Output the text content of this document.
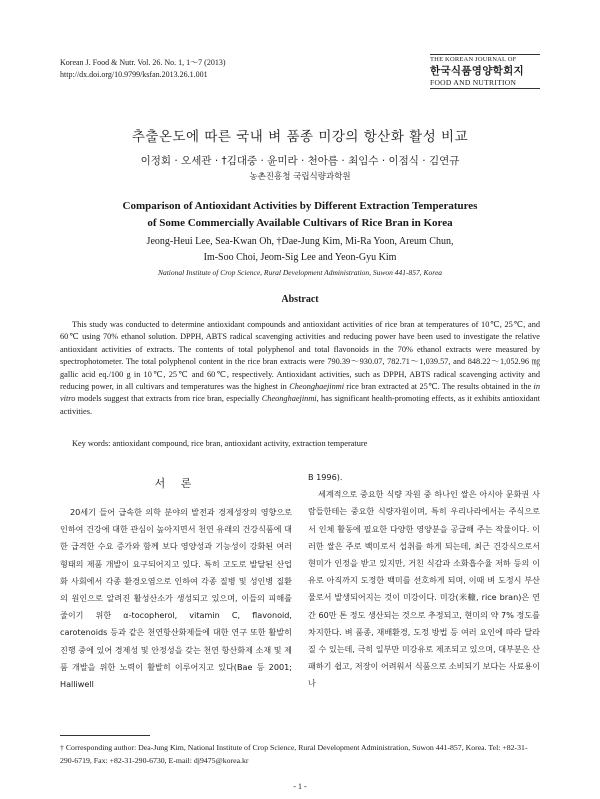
Korean J. Food & Nutr. Vol. 26. No. 1, 1～7 (2013)
http://dx.doi.org/10.9799/ksfan.2013.26.1.001
THE KOREAN JOURNAL OF
한국식품영양학회지
FOOD AND NUTRITION
추출온도에 따른 국내 벼 품종 미강의 항산화 활성 비교
이정회 · 오세관 · †김대중 · 윤미라 · 천아름 · 최임수 · 이점식 · 김연규
농촌진흥청 국립식량과학원
Comparison of Antioxidant Activities by Different Extraction Temperatures
of Some Commercially Available Cultivars of Rice Bran in Korea
Jeong-Heui Lee, Sea-Kwan Oh, †Dae-Jung Kim, Mi-Ra Yoon, Areum Chun,
Im-Soo Choi, Jeom-Sig Lee and Yeon-Gyu Kim
National Institute of Crop Science, Rural Development Administration, Suwon 441-857, Korea
Abstract

This study was conducted to determine antioxidant compounds and antioxidant activities of rice bran at temperatures of 10℃, 25℃, and 60℃ using 70% ethanol solution. DPPH, ABTS radical scavenging activities and reducing power have been used to investigate the relative antioxidant activities of extracts. The contents of total polyphenol and total flavonoids in the 70% ethanol extracts were measured by spectrophotometer. The total polyphenol content in the rice bran extracts were 790.39～930.07, 782.71～1,039.57, and 848.22～1,052.96 ㎎ gallic acid eq./100 g in 10℃, 25℃ and 60℃, respectively. Antioxidant activities, such as DPPH, ABTS radical scavenging activity and reducing power, in all cultivars and temperatures was the highest in Cheonghaejinmi rice bran extracted at 25℃. The results obtained in the in vitro models suggest that extracts from rice bran, especially Cheonghaejinmi, has significant health-promoting effects, as it exhibits antioxidant activities.

Key words: antioxidant compound, rice bran, antioxidant activity, extraction temperature
서 론

20세기 들어 급속한 의학 분야의 발전과 경제성장의 영향으로 인하여 건강에 대한 관심이 높아지면서 천연 유래의 건강식품에 대한 급격한 수요 증가와 함께 보다 영양성과 기능성이 강화된 여러 형태의 제품 개발이 요구되어지고 있다. 특히 고도로 발달된 산업화 사회에서 각종 환경오염으로 인하여 각종 질병 및 성인병 질환의 원인으로 알려진 활성산소가 생성되고 있으며, 이들의 피해를 줄이기 위한 α-tocopherol, vitamin C, flavonoid, carotenoids 등과 같은 천연항산화제들에 대한 연구 또한 활발히 진행 중에 있어 경제성 및 안정성을 갖는 천연 항산화제 소재 및 제품 개발을 위한 노력이 활발히 이루어지고 있다(Bae 등 2001; Halliwell

B 1996).
세계적으로 중요한 식량 자원 중 하나인 쌀은 아시아 문화권 사람들한테는 중요한 식량자원이며, 특히 우리나라에서는 주식으로서 인체 활동에 필요한 다양한 영양분을 공급해 주는 작물이다. 이러한 쌀은 주로 백미로서 섭취를 하게 되는데, 최근 건강식으로서 현미가 인정을 받고 있지만, 거친 식감과 소화흡수율 저하 등의 이유로 아직까지 도정한 백미를 선호하게 되며, 이때 벼 도정시 부산물로서 발생되어지는 것이 미강이다. 미강(米糠, rice bran)은 연간 60만 톤 정도 생산되는 것으로 추정되고, 현미의 약 7% 정도를 차지한다. 벼 품종, 재배환경, 도정 방법 등 여러 요인에 따라 달라질 수 있는데, 극히 일부만 미강유로 제조되고 있으며, 대부분은 산패하기 쉽고, 저장이 어려워서 식품으로 소비되기 보다는 사료용이나

† Corresponding author: Dea-Jung Kim, National Institute of Crop Science, Rural Development Administration, Suwon 441-857, Korea. Tel: +82-31-290-6719, Fax: +82-31-290-6730, E-mail: dj9475@korea.kr

- 1 -
